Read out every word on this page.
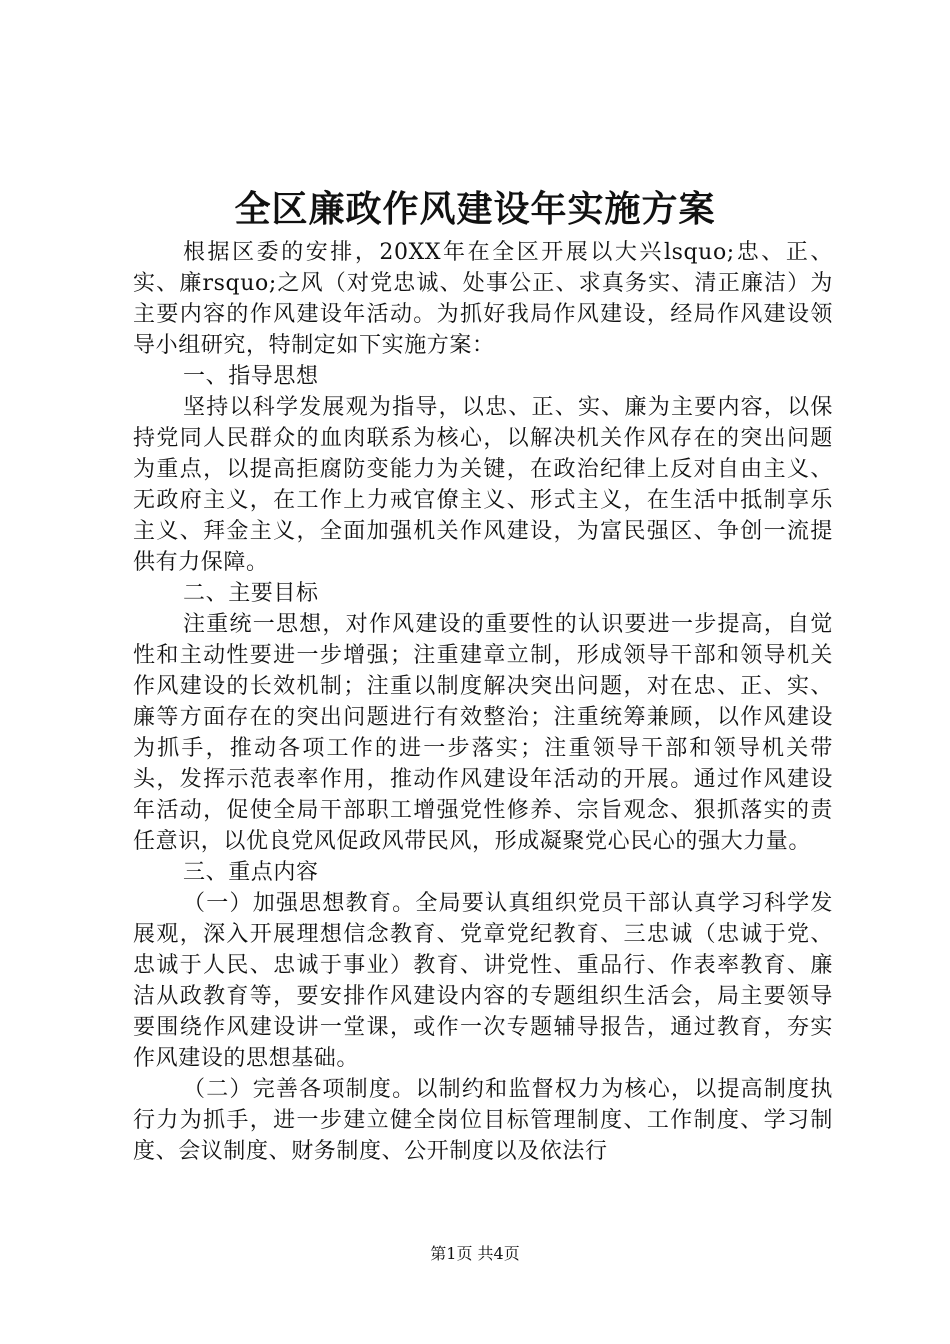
全区廉政作风建设年实施方案

根据区委的安排，20XX年在全区开展以大兴lsquo;忠、正、实、廉rsquo;之风（对党忠诚、处事公正、求真务实、清正廉洁）为主要内容的作风建设年活动。为抓好我局作风建设，经局作风建设领导小组研究，特制定如下实施方案：

一、指导思想

坚持以科学发展观为指导，以忠、正、实、廉为主要内容，以保持党同人民群众的血肉联系为核心，以解决机关作风存在的突出问题为重点，以提高拒腐防变能力为关键，在政治纪律上反对自由主义、无政府主义，在工作上力戒官僚主义、形式主义，在生活中抵制享乐主义、拜金主义，全面加强机关作风建设，为富民强区、争创一流提供有力保障。

二、主要目标

注重统一思想，对作风建设的重要性的认识要进一步提高，自觉性和主动性要进一步增强；注重建章立制，形成领导干部和领导机关作风建设的长效机制；注重以制度解决突出问题，对在忠、正、实、廉等方面存在的突出问题进行有效整治；注重统筹兼顾，以作风建设为抓手，推动各项工作的进一步落实；注重领导干部和领导机关带头，发挥示范表率作用，推动作风建设年活动的开展。通过作风建设年活动，促使全局干部职工增强党性修养、宗旨观念、狠抓落实的责任意识，以优良党风促政风带民风，形成凝聚党心民心的强大力量。

三、重点内容

（一）加强思想教育。全局要认真组织党员干部认真学习科学发展观，深入开展理想信念教育、党章党纪教育、三忠诚（忠诚于党、忠诚于人民、忠诚于事业）教育、讲党性、重品行、作表率教育、廉洁从政教育等，要安排作风建设内容的专题组织生活会，局主要领导要围绕作风建设讲一堂课，或作一次专题辅导报告，通过教育，夯实作风建设的思想基础。

（二）完善各项制度。以制约和监督权力为核心，以提高制度执行力为抓手，进一步建立健全岗位目标管理制度、工作制度、学习制度、会议制度、财务制度、公开制度以及依法行

第1页 共4页
